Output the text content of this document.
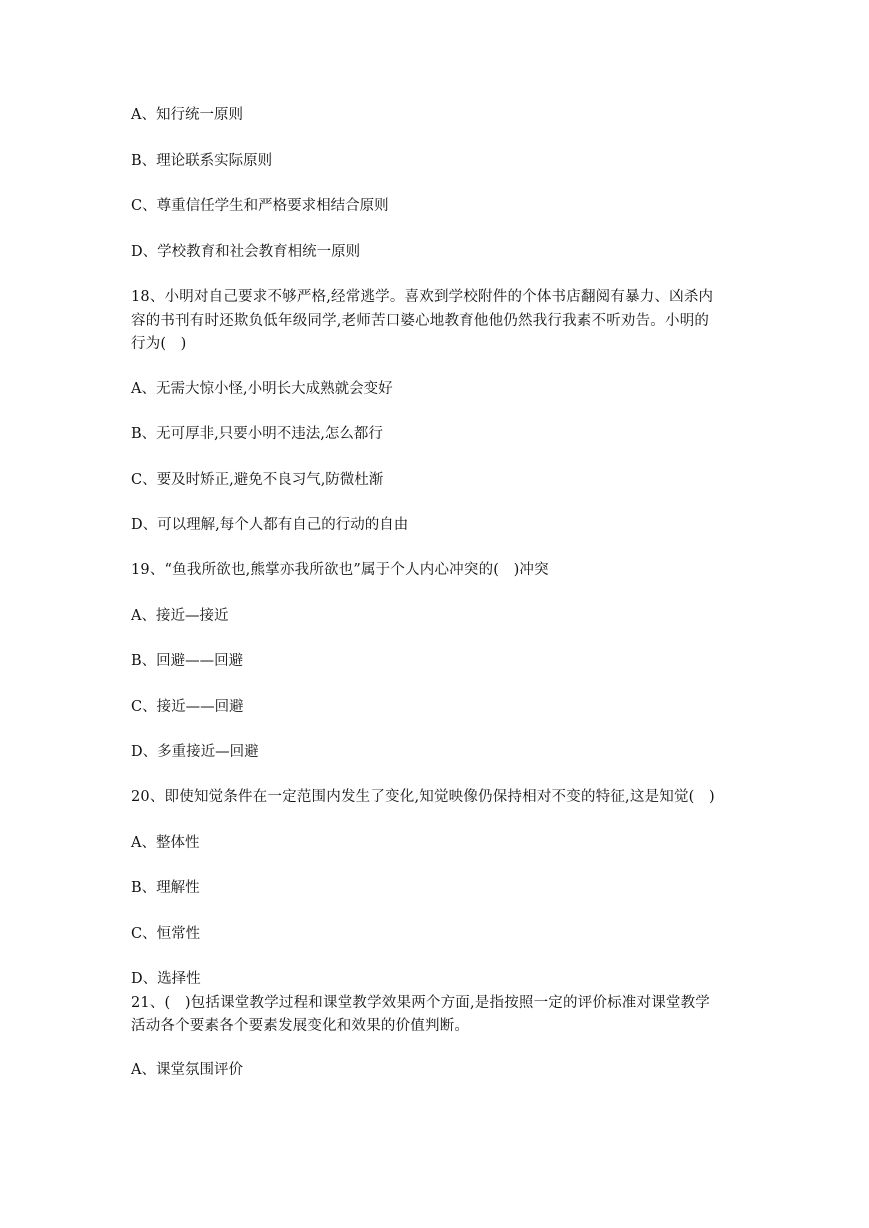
A、知行统一原则
B、理论联系实际原则
C、尊重信任学生和严格要求相结合原则
D、学校教育和社会教育相统一原则
18、小明对自己要求不够严格,经常逃学。喜欢到学校附件的个体书店翻阅有暴力、凶杀内
容的书刊有时还欺负低年级同学,老师苦口婆心地教育他他仍然我行我素不听劝告。小明的
行为(   )
A、无需大惊小怪,小明长大成熟就会变好
B、无可厚非,只要小明不违法,怎么都行
C、要及时矫正,避免不良习气,防微杜渐
D、可以理解,每个人都有自己的行动的自由
19、“鱼我所欲也,熊掌亦我所欲也”属于个人内心冲突的(   )冲突
A、接近—接近
B、回避——回避
C、接近——回避
D、多重接近—回避
20、即使知觉条件在一定范围内发生了变化,知觉映像仍保持相对不变的特征,这是知觉(   )
A、整体性
B、理解性
C、恒常性
D、选择性
21、(   )包括课堂教学过程和课堂教学效果两个方面,是指按照一定的评价标准对课堂教学
活动各个要素各个要素发展变化和效果的价值判断。
A、课堂氛围评价
